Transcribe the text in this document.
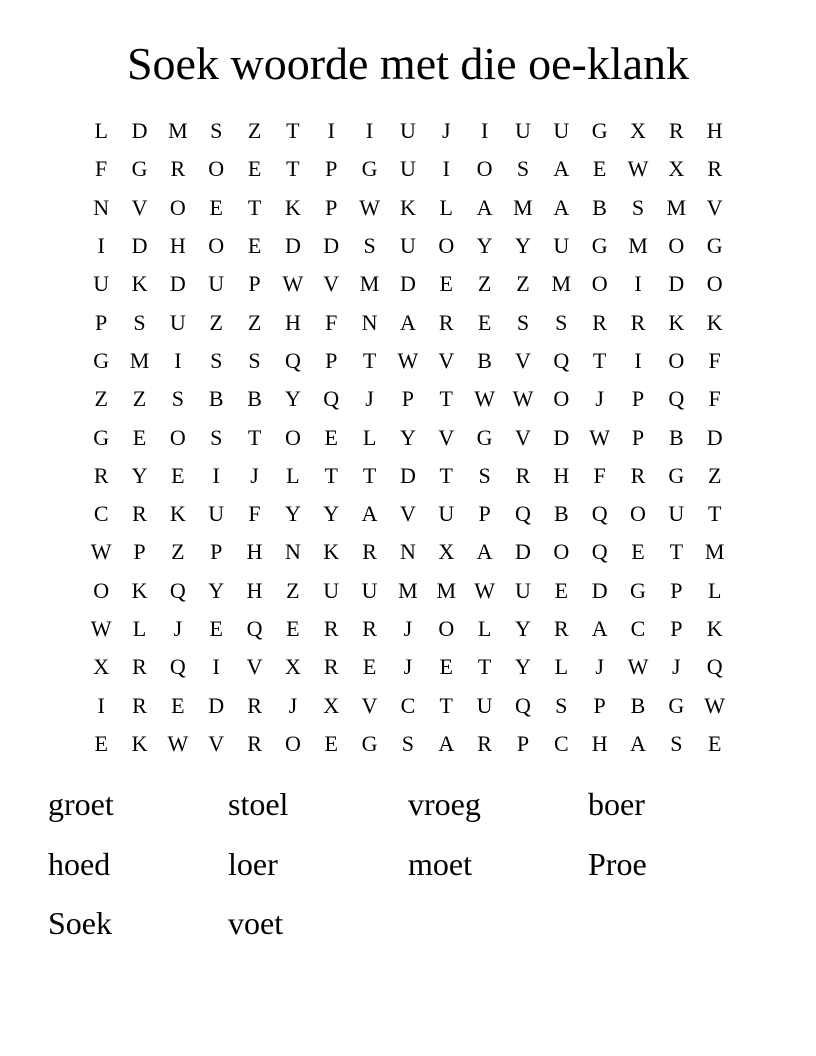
Soek woorde met die oe-klank
L	D M	S	Z	T	I	I	U	J	I	U	U	G	X	R	H
F	G	R	O	E	T	P	G	U	I	O	S	A	E W X	R
N	V	O	E	T	K	P W K	L	A M A	B	S	M V
I	D	H	O	E	D	D	S	U	O	Y	Y	U	G M O	G
U	K	D	U	P W V M D	E	Z	Z M O	I	D	O
P	S	U	Z	Z	H	F	N	A	R	E	S	S	R	R	K	K
G M	I	S	S	Q	P	T W V	B	V	Q	T	I	O	F
Z	Z	S	B	B	Y	Q	J	P	T W W O	J	P	Q	F
G	E	O	S	T	O	E	L	Y	V	G	V	D W P	B	D
R	Y	E	I	J	L	T	T	D	T	S	R	H	F	R	G	Z
C	R	K	U	F	Y	Y	A	V	U	P	Q	B	Q	O	U	T
W P	Z	P	H	N	K	R	N	X	A	D	O	Q	E	T M
O	K	Q	Y	H	Z	U	U M M W U	E	D	G	P	L
W L	J	E	Q	E	R	R	J	O	L	Y	R	A	C	P	K
X	R	Q	I	V	X	R	E	J	E	T	Y	L	J	W	J	Q
I	R	E	D	R	J	X	V	C	T	U	Q	S	P	B	G W
E	K W V	R	O	E	G	S	A	R	P	C	H	A	S	E
groet	stoel	vroeg	boer
hoed	loer	moet	Proe
Soek	voet
